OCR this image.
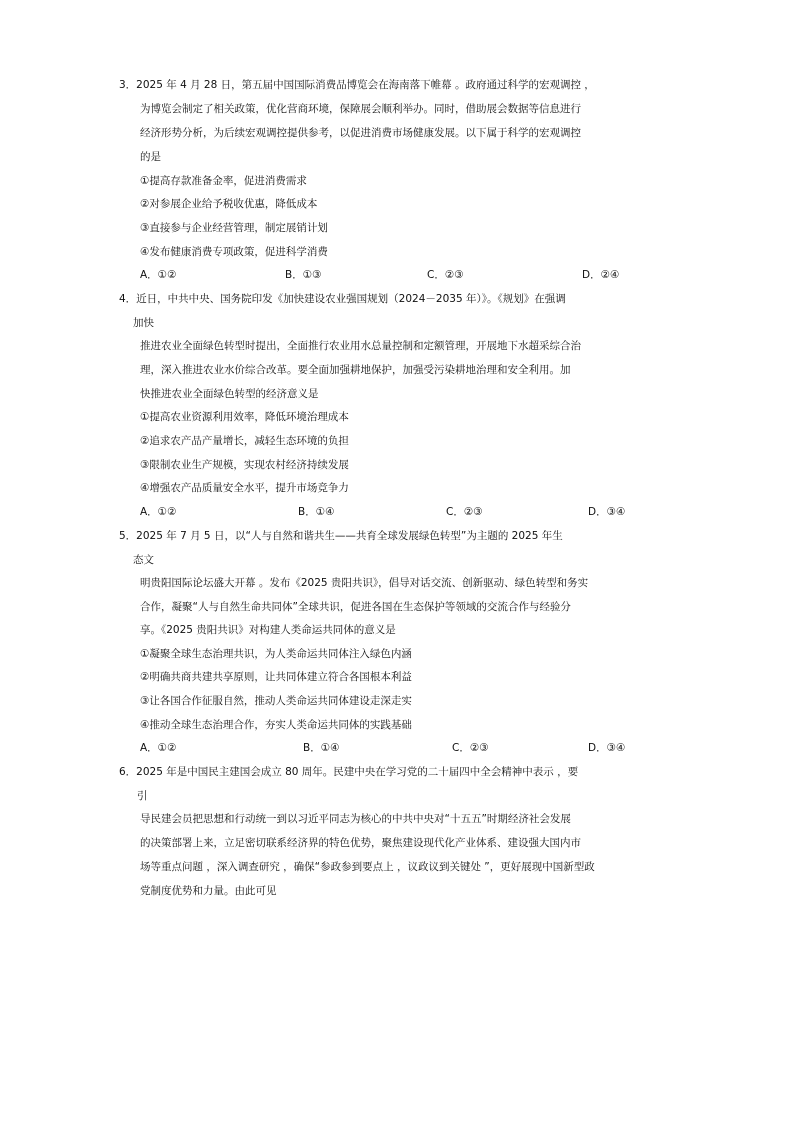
3．2025 年 4 月 28 日，第五届中国国际消费品博览会在海南落下帷幕 。政府通过科学的宏观调控 ，
为博览会制定了相关政策，优化营商环境，保障展会顺利举办。同时，借助展会数据等信息进行
经济形势分析，为后续宏观调控提供参考，以促进消费市场健康发展。以下属于科学的宏观调控
的是
①提高存款准备金率，促进消费需求
②对参展企业给予税收优惠，降低成本
③直接参与企业经营管理，制定展销计划
④发布健康消费专项政策，促进科学消费
A．①②	B．①③	C．②③	D．②④
4．近日，中共中央、国务院印发《加快建设农业强国规划（2024－2035 年）》。《规划》在强调
加快
推进农业全面绿色转型时提出，全面推行农业用水总量控制和定额管理，开展地下水超采综合治
理，深入推进农业水价综合改革。要全面加强耕地保护，加强受污染耕地治理和安全利用。加
快推进农业全面绿色转型的经济意义是
①提高农业资源利用效率，降低环境治理成本
②追求农产品产量增长，减轻生态环境的负担
③限制农业生产规模，实现农村经济持续发展
④增强农产品质量安全水平，提升市场竞争力
A．①②	B．①④	C．②③	D．③④
5．2025 年 7 月 5 日，以“人与自然和谐共生——共育全球发展绿色转型”为主题的 2025 年生
态文
明贵阳国际论坛盛大开幕 。发布《2025 贵阳共识》，倡导对话交流、创新驱动、绿色转型和务实
合作，凝聚“人与自然生命共同体”全球共识，促进各国在生态保护等领域的交流合作与经验分
享。《2025 贵阳共识》对构建人类命运共同体的意义是
①凝聚全球生态治理共识，为人类命运共同体注入绿色内涵
②明确共商共建共享原则，让共同体建立符合各国根本利益
③让各国合作征服自然，推动人类命运共同体建设走深走实
④推动全球生态治理合作，夯实人类命运共同体的实践基础
A．①②	B．①④	C．②③	D．③④
6．2025 年是中国民主建国会成立 80 周年。民建中央在学习党的二十届四中全会精神中表示 ，要
引
导民建会员把思想和行动统一到以习近平同志为核心的中共中央对“十五五”时期经济社会发展
的决策部署上来，立足密切联系经济界的特色优势，聚焦建设现代化产业体系、建设强大国内市
场等重点问题 ，深入调查研究 ，确保“参政参到要点上 ，议政议到关键处 ”，更好展现中国新型政
党制度优势和力量。由此可见
